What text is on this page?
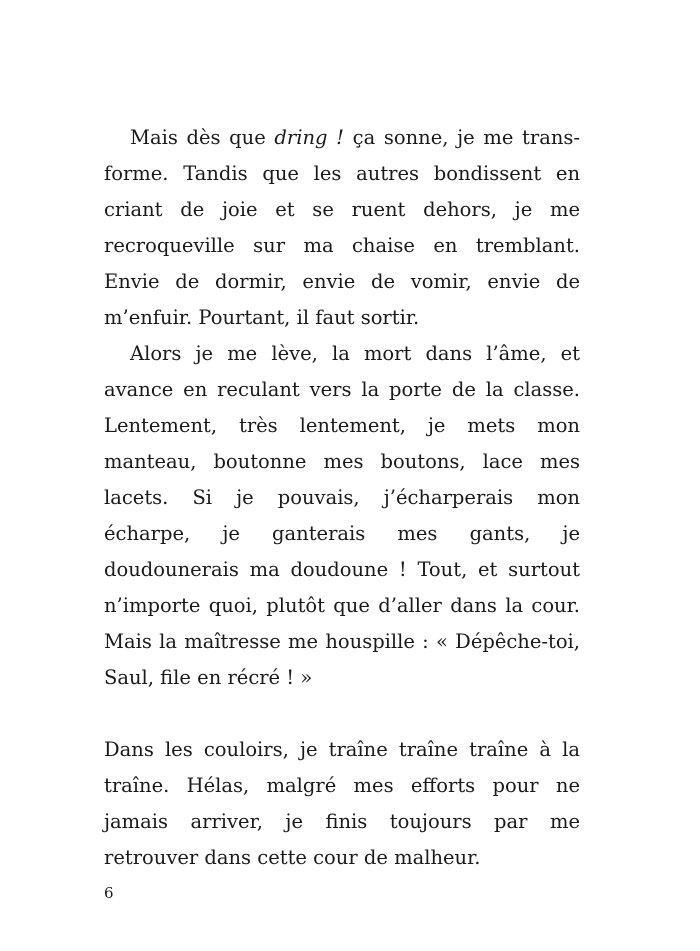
Mais dès que dring ! ça sonne, je me transforme. Tandis que les autres bondissent en criant de joie et se ruent dehors, je me recroqueville sur ma chaise en tremblant. Envie de dormir, envie de vomir, envie de m’enfuir. Pourtant, il faut sortir.

Alors je me lève, la mort dans l’âme, et avance en reculant vers la porte de la classe. Lentement, très lentement, je mets mon manteau, boutonne mes boutons, lace mes lacets. Si je pouvais, j’écharperais mon écharpe, je ganterais mes gants, je doudounerais ma doudoune ! Tout, et surtout n’importe quoi, plutôt que d’aller dans la cour. Mais la maîtresse me houspille : « Dépêche-toi, Saul, file en récré ! »

Dans les couloirs, je traîne traîne traîne à la traîne. Hélas, malgré mes efforts pour ne jamais arriver, je finis toujours par me retrouver dans cette cour de malheur.

6
